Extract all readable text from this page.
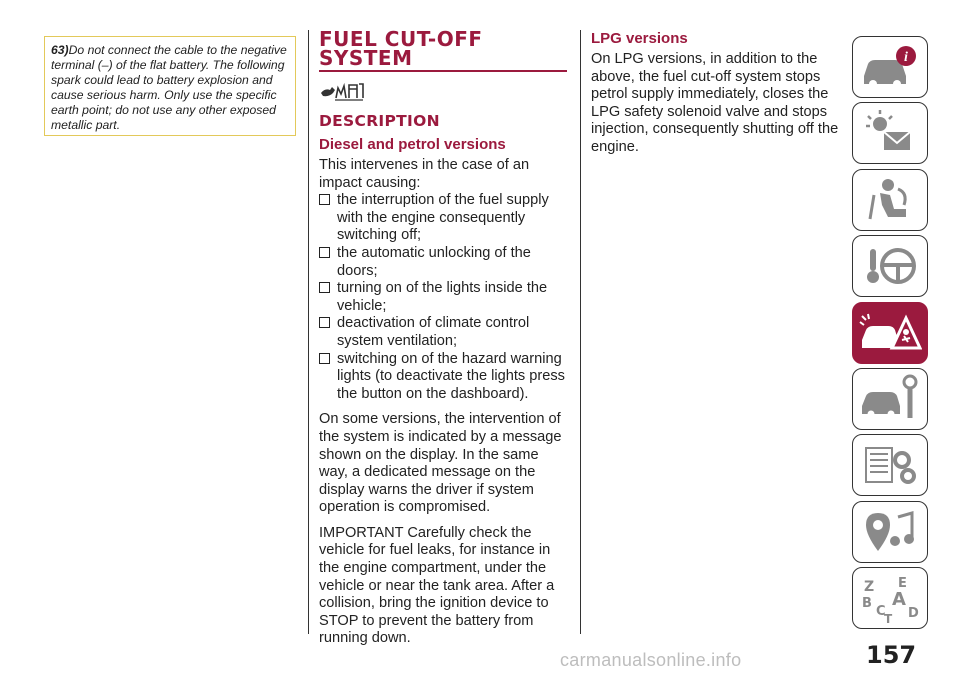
63)Do not connect the cable to the negative terminal (–) of the flat battery. The following spark could lead to battery explosion and cause serious harm. Only use the specific earth point; do not use any other exposed metallic part.
FUEL CUT-OFF
SYSTEM
DESCRIPTION
Diesel and petrol versions

This intervenes in the case of an impact causing:

the interruption of the fuel supply with the engine consequently switching off;

the automatic unlocking of the doors;

turning on of the lights inside the vehicle;

deactivation of climate control system ventilation;

switching on of the hazard warning lights (to deactivate the lights press the button on the dashboard).

On some versions, the intervention of the system is indicated by a message shown on the display. In the same way, a dedicated message on the display warns the driver if system operation is compromised.

IMPORTANT Carefully check the vehicle for fuel leaks, for instance in the engine compartment, under the vehicle or near the tank area. After a collision, bring the ignition device to STOP to prevent the battery from running down.

LPG versions

On LPG versions, in addition to the above, the fuel cut-off system stops petrol supply immediately, closes the LPG safety solenoid valve and stops injection, consequently shutting off the engine.

i
Z E
B A
C D
T
157
carmanualsonline.info
